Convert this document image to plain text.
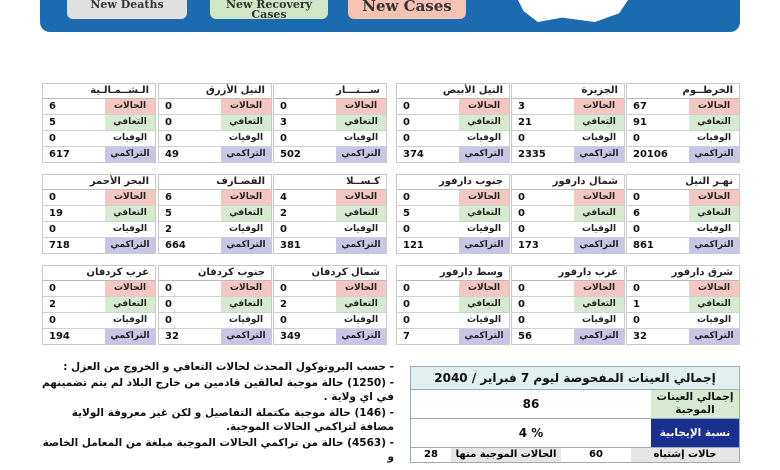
New Deaths	New Recovery Cases	New Cases
الخرطــوم
67	الحالات
91	التعافي
0	الوفيات
20106	التراكمي
الجزيرة
3	الحالات
21	التعافي
0	الوفيات
2335	التراكمي
النيل الأبيض
0	الحالات
0	التعافي
0	الوفيات
374	التراكمي
ســـنـــار
0	الحالات
3	التعافي
0	الوفيات
502	التراكمي
النيل الأزرق
0	الحالات
0	التعافي
0	الوفيات
49	التراكمي
الـشــمـالـية
6	الحالات
5	التعافي
0	الوفيات
617	التراكمي
نهـر النيل
0	الحالات
6	التعافي
0	الوفيات
861	التراكمي
شمال دارفور
0	الحالات
0	التعافي
0	الوفيات
173	التراكمي
جنوب دارفور
0	الحالات
5	التعافي
0	الوفيات
121	التراكمي
كـســلا
4	الحالات
2	التعافي
0	الوفيات
381	التراكمي
القضـارف
6	الحالات
5	التعافي
2	الوفيات
664	التراكمي
البحر الأحمر
0	الحالات
19	التعافي
0	الوفيات
718	التراكمي
شرق دارفور
0	الحالات
1	التعافي
0	الوفيات
32	التراكمي
غرب دارفور
0	الحالات
0	التعافي
0	الوفيات
56	التراكمي
وسط دارفور
0	الحالات
0	التعافي
0	الوفيات
7	التراكمي
شمال كردفان
0	الحالات
2	التعافي
0	الوفيات
349	التراكمي
جنوب كردفان
0	الحالات
0	التعافي
0	الوفيات
32	التراكمي
غرب كردفان
0	الحالات
2	التعافي
0	الوفيات
194	التراكمي

- حسب البروتوكول المحدث لحالات التعافي و الخروج من العزل :

- (1250) حالة موجبة لعالقين قادمين من خارج البلاد لم يتم تضمينهم في اي ولاية .

- (146) حالة موجبة مكتملة التفاصيل و لكن غير معروفة الولاية مضافة لتراكمي الحالات الموجبة.

- (4563) حالة من تراكمي الحالات الموجبة مبلغة من المعامل الخاصة و

إجمالي العينات المفحوصة ليوم 7 فبراير / 2040
86	إجمالي العينات الموجبة
4 %	نسبة الإيجابية
28	الحالات الموجبة منها	60	حالات إشتباه
